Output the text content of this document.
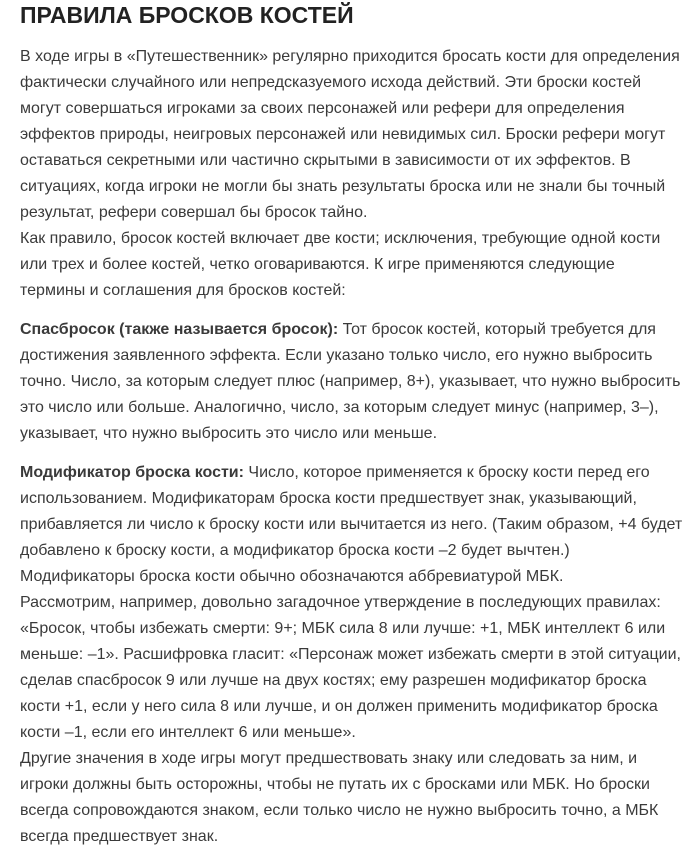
ПРАВИЛА БРОСКОВ КОСТЕЙ

В ходе игры в «Путешественник» регулярно приходится бросать кости для определения фактически случайного или непредсказуемого исхода действий. Эти броски костей могут совершаться игроками за своих персонажей или рефери для определения эффектов природы, неигровых персонажей или невидимых сил. Броски рефери могут оставаться секретными или частично скрытыми в зависимости от их эффектов. В ситуациях, когда игроки не могли бы знать результаты броска или не знали бы точный результат, рефери совершал бы бросок тайно.

Как правило, бросок костей включает две кости; исключения, требующие одной кости или трех и более костей, четко оговариваются. К игре применяются следующие термины и соглашения для бросков костей:

Спасбросок (также называется бросок): Тот бросок костей, который требуется для достижения заявленного эффекта. Если указано только число, его нужно выбросить точно. Число, за которым следует плюс (например, 8+), указывает, что нужно выбросить это число или больше. Аналогично, число, за которым следует минус (например, 3–), указывает, что нужно выбросить это число или меньше.

Модификатор броска кости: Число, которое применяется к броску кости перед его использованием. Модификаторам броска кости предшествует знак, указывающий, прибавляется ли число к броску кости или вычитается из него. (Таким образом, +4 будет добавлено к броску кости, а модификатор броска кости –2 будет вычтен.) Модификаторы броска кости обычно обозначаются аббревиатурой МБК.

Рассмотрим, например, довольно загадочное утверждение в последующих правилах: «Бросок, чтобы избежать смерти: 9+; МБК сила 8 или лучше: +1, МБК интеллект 6 или меньше: –1». Расшифровка гласит: «Персонаж может избежать смерти в этой ситуации, сделав спасбросок 9 или лучше на двух костях; ему разрешен модификатор броска кости +1, если у него сила 8 или лучше, и он должен применить модификатор броска кости –1, если его интеллект 6 или меньше».

Другие значения в ходе игры могут предшествовать знаку или следовать за ним, и игроки должны быть осторожны, чтобы не путать их с бросками или МБК. Но броски всегда сопровождаются знаком, если только число не нужно выбросить точно, а МБК всегда предшествует знак.
